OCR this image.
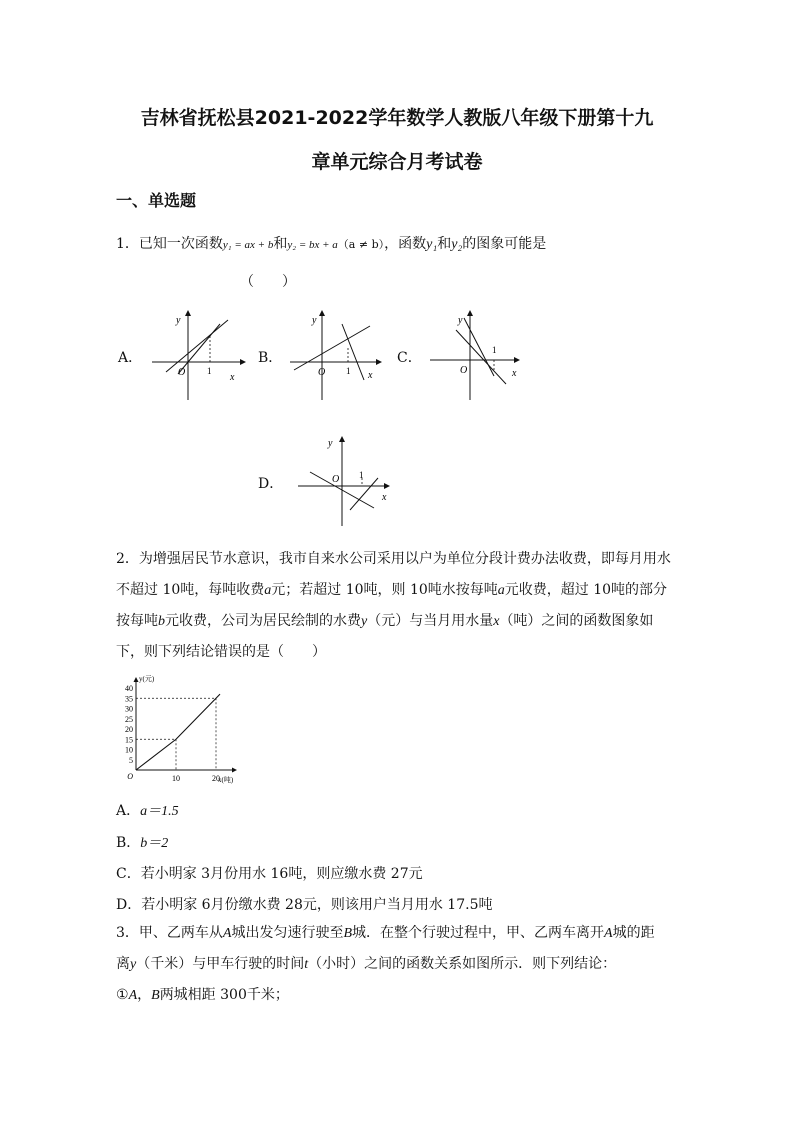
吉林省抚松县2021-2022学年数学人教版八年级下册第十九
章单元综合月考试卷
一、单选题
1．已知一次函数y₁ = ax + b和y₂ = bx + a（a ≠ b），函数y₁和y₂的图象可能是
（　　）
A．
y
O 1
x
B．
y
O 1 x
C．
y
O
1
x
D．
y
O 1
x
2．为增强居民节水意识，我市自来水公司采用以户为单位分段计费办法收费，即每月用水
不超过 10吨，每吨收费a元；若超过 10吨，则 10吨水按每吨a元收费，超过 10吨的部分
按每吨b元收费，公司为居民绘制的水费y（元）与当月用水量x（吨）之间的函数图象如
下，则下列结论错误的是（　　）
5
10
15
20
25
30
35
40
10	20
O
y(元)
x(吨)
A．a＝1.5
B．b＝2
C．若小明家 3月份用水 16吨，则应缴水费 27元
D．若小明家 6月份缴水费 28元，则该用户当月用水 17.5吨
3．甲、乙两车从A城出发匀速行驶至B城．在整个行驶过程中，甲、乙两车离开A城的距
离y（千米）与甲车行驶的时间t（小时）之间的函数关系如图所示．则下列结论：
①A，B两城相距 300千米；
